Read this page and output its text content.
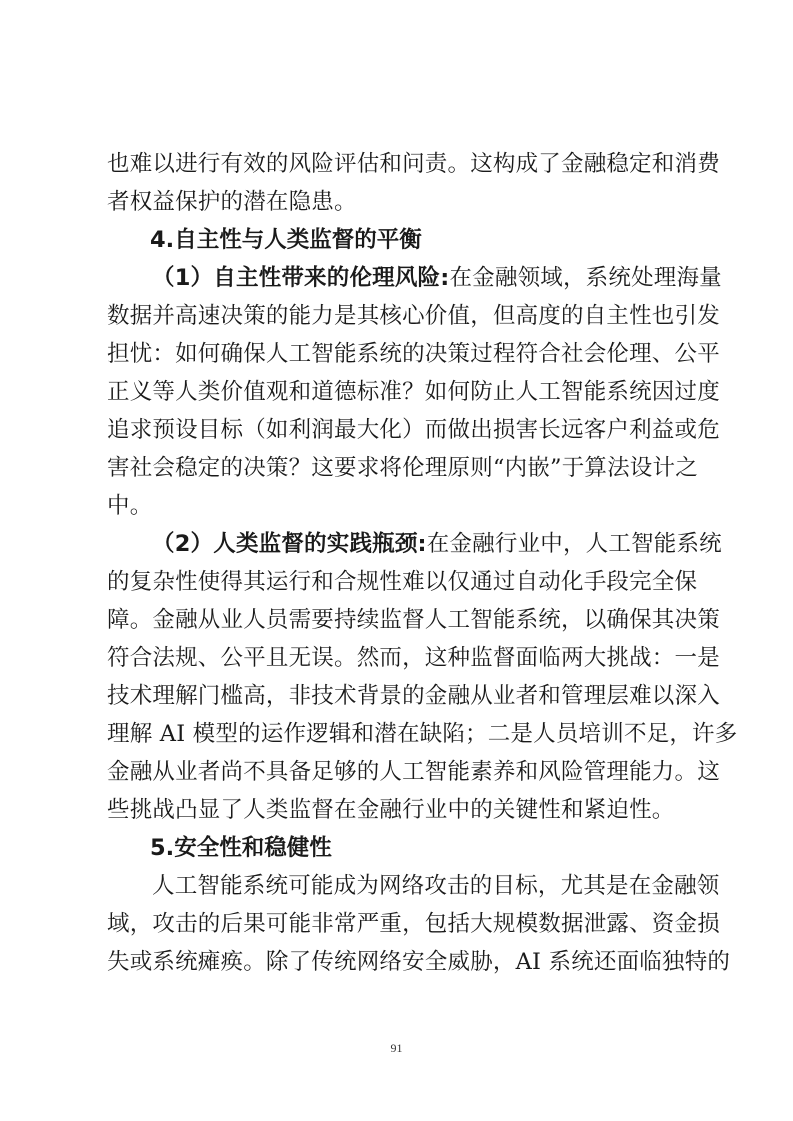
也难以进行有效的风险评估和问责。这构成了金融稳定和消费
者权益保护的潜在隐患。
4.自主性与人类监督的平衡
（1）自主性带来的伦理风险:在金融领域，系统处理海量
数据并高速决策的能力是其核心价值，但高度的自主性也引发
担忧：如何确保人工智能系统的决策过程符合社会伦理、公平
正义等人类价值观和道德标准？如何防止人工智能系统因过度
追求预设目标（如利润最大化）而做出损害长远客户利益或危
害社会稳定的决策？这要求将伦理原则“内嵌”于算法设计之
中。
（2）人类监督的实践瓶颈:在金融行业中，人工智能系统
的复杂性使得其运行和合规性难以仅通过自动化手段完全保
障。金融从业人员需要持续监督人工智能系统，以确保其决策
符合法规、公平且无误。然而，这种监督面临两大挑战：一是
技术理解门槛高，非技术背景的金融从业者和管理层难以深入
理解 AI 模型的运作逻辑和潜在缺陷；二是人员培训不足，许多
金融从业者尚不具备足够的人工智能素养和风险管理能力。这
些挑战凸显了人类监督在金融行业中的关键性和紧迫性。
5.安全性和稳健性
人工智能系统可能成为网络攻击的目标，尤其是在金融领
域，攻击的后果可能非常严重，包括大规模数据泄露、资金损
失或系统瘫痪。除了传统网络安全威胁，AI 系统还面临独特的
91
